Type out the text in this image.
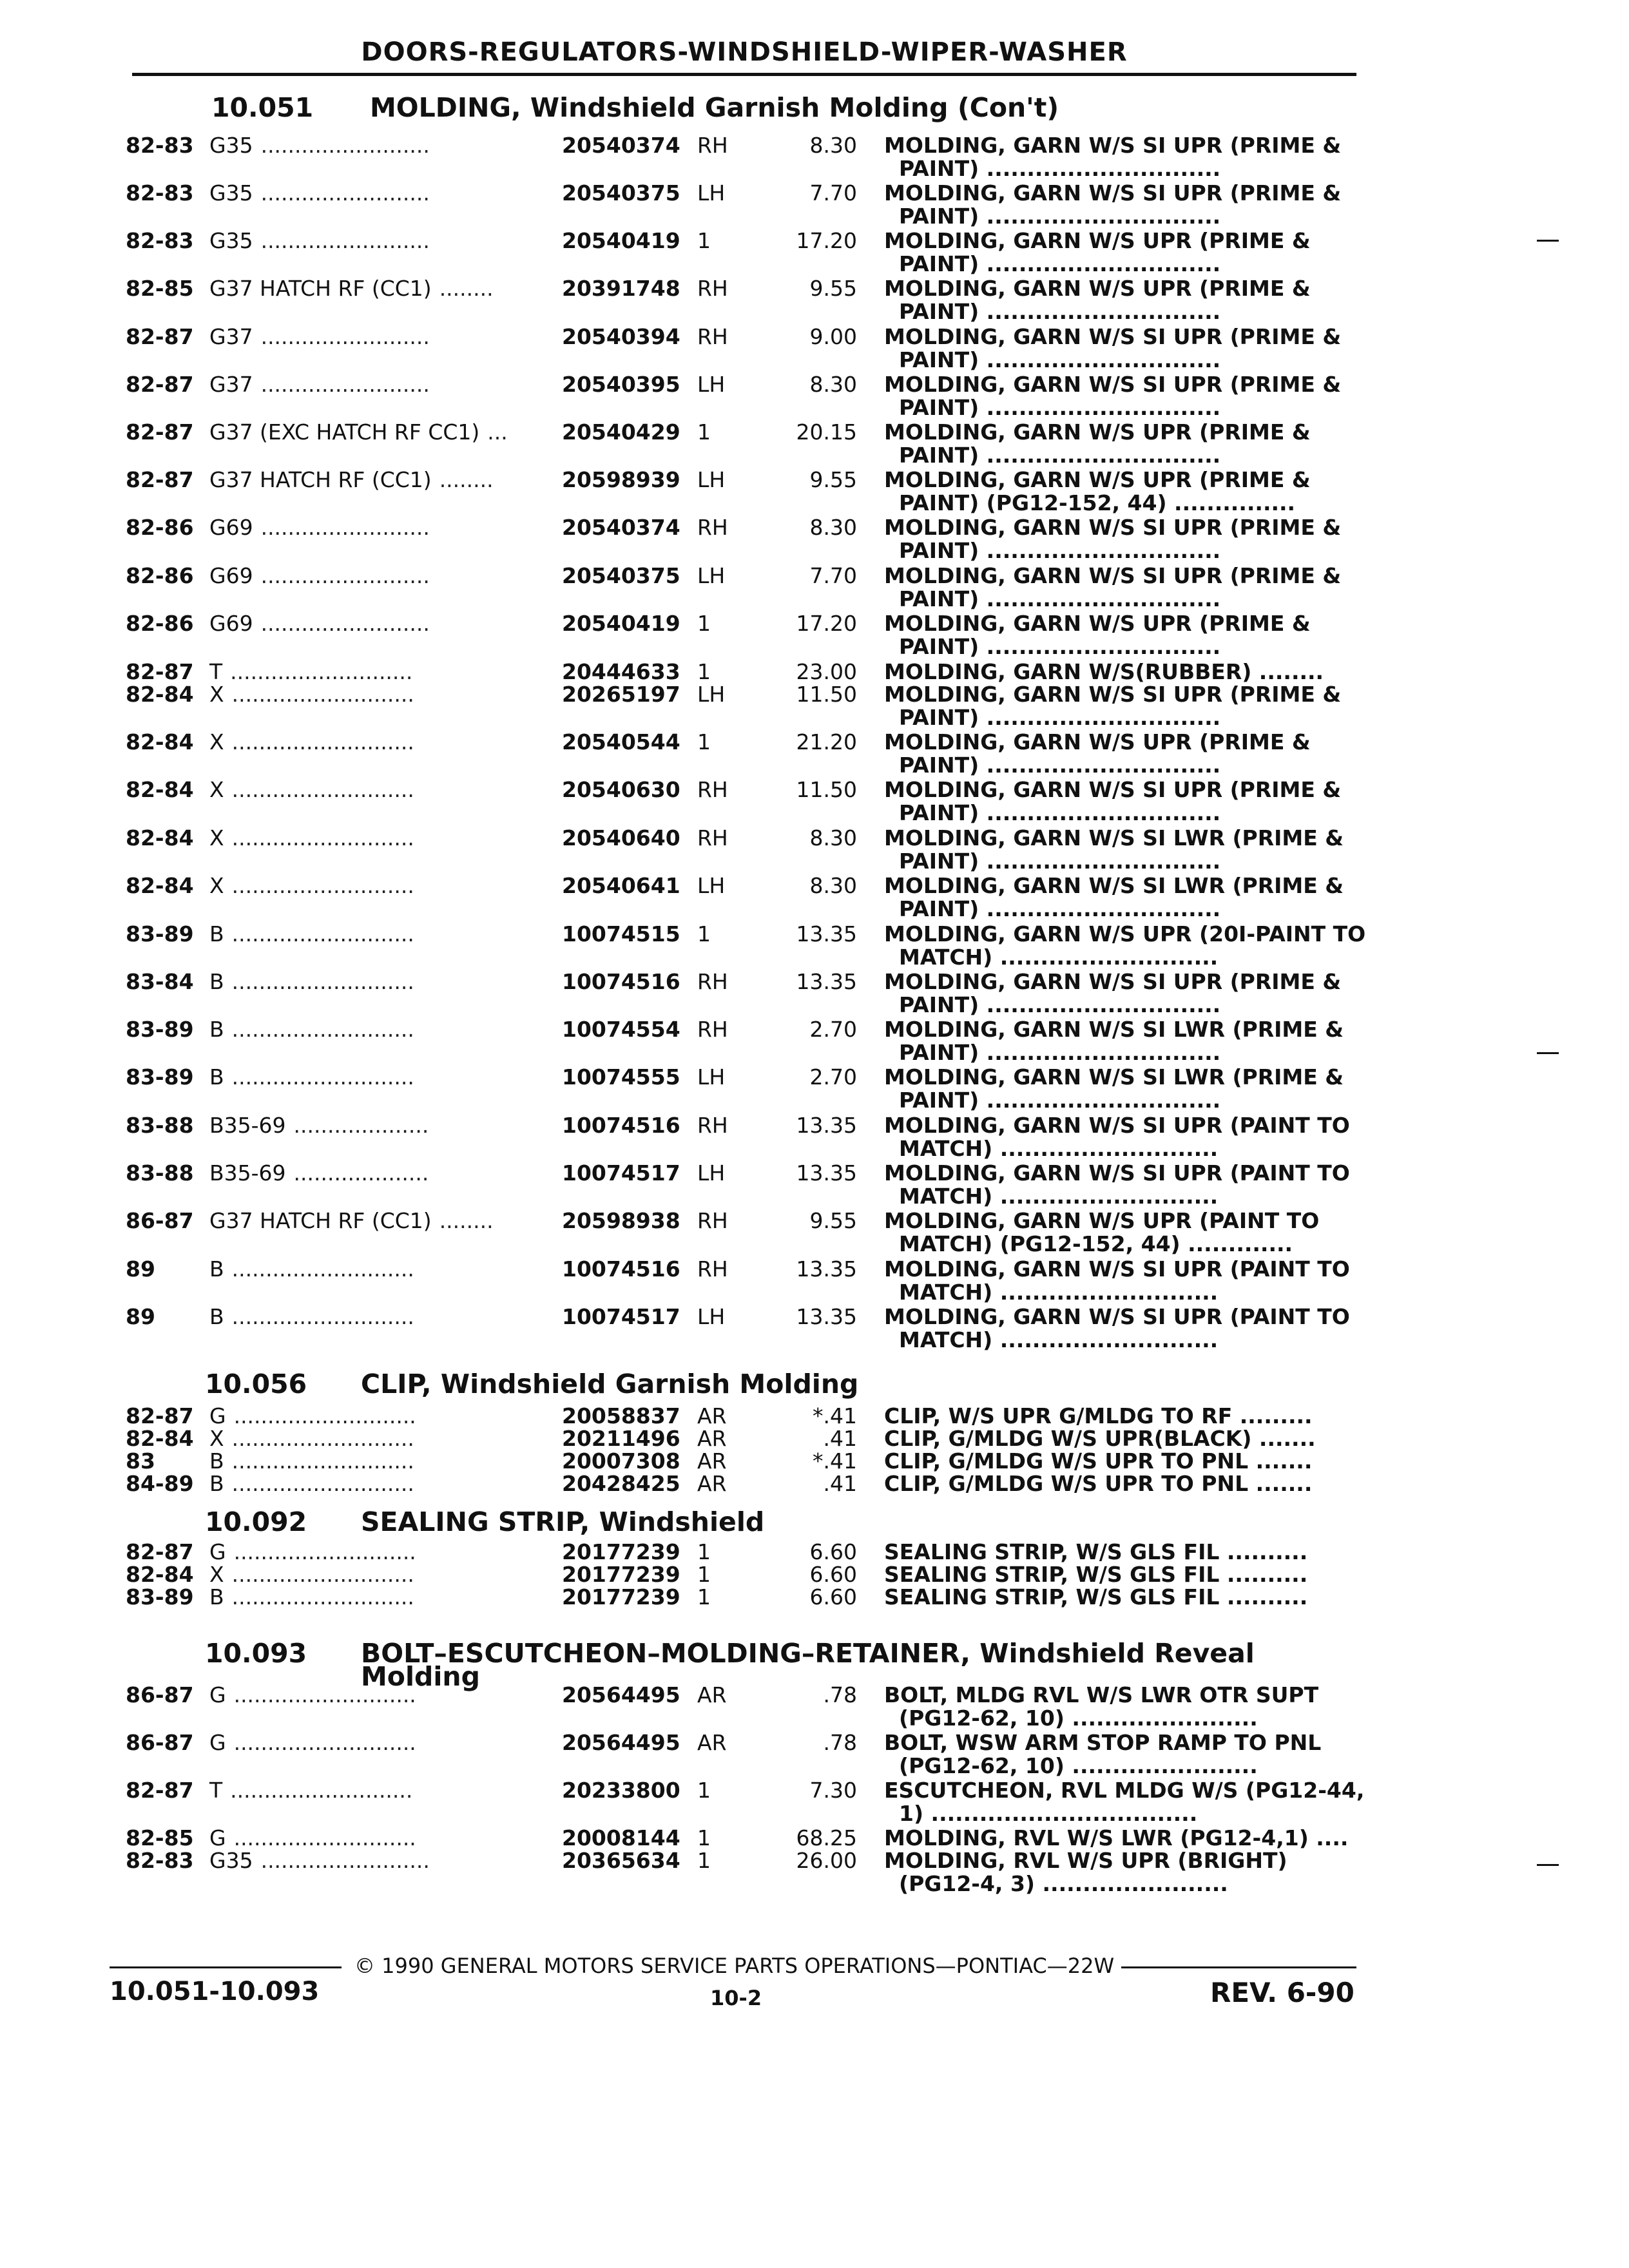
DOORS-REGULATORS-WINDSHIELD-WIPER-WASHER
10.051 MOLDING, Windshield Garnish Molding (Con't)
10.056 CLIP, Windshield Garnish Molding
10.092 SEALING STRIP, Windshield
10.093 BOLT–ESCUTCHEON–MOLDING–RETAINER, Windshield Reveal
Molding
82-83 G35 .........................	20540374 RH	8.30 MOLDING, GARN W/S SI UPR (PRIME &
PAINT) .............................
82-83 G35 .........................	20540375 LH	7.70 MOLDING, GARN W/S SI UPR (PRIME &
PAINT) .............................
82-83 G35 .........................	20540419 1	17.20 MOLDING, GARN W/S UPR (PRIME &
PAINT) .............................
82-85 G37 HATCH RF (CC1) ........	20391748 RH	9.55 MOLDING, GARN W/S UPR (PRIME &
PAINT) .............................
82-87 G37 .........................	20540394 RH	9.00 MOLDING, GARN W/S SI UPR (PRIME &
PAINT) .............................
82-87 G37 .........................	20540395 LH	8.30 MOLDING, GARN W/S SI UPR (PRIME &
PAINT) .............................
82-87 G37 (EXC HATCH RF CC1) ...	20540429 1	20.15 MOLDING, GARN W/S UPR (PRIME &
PAINT) .............................
82-87 G37 HATCH RF (CC1) ........	20598939 LH	9.55 MOLDING, GARN W/S UPR (PRIME &
PAINT) (PG12-152, 44) ...............
82-86 G69 .........................	20540374 RH	8.30 MOLDING, GARN W/S SI UPR (PRIME &
PAINT) .............................
82-86 G69 .........................	20540375 LH	7.70 MOLDING, GARN W/S SI UPR (PRIME &
PAINT) .............................
82-86 G69 .........................	20540419 1	17.20 MOLDING, GARN W/S UPR (PRIME &
PAINT) .............................
82-87 T ...........................	20444633 1	23.00 MOLDING, GARN W/S(RUBBER) ........
82-84 X ...........................	20265197 LH	11.50 MOLDING, GARN W/S SI UPR (PRIME &
PAINT) .............................
82-84 X ...........................	20540544 1	21.20 MOLDING, GARN W/S UPR (PRIME &
PAINT) .............................
82-84 X ...........................	20540630 RH	11.50 MOLDING, GARN W/S SI UPR (PRIME &
PAINT) .............................
82-84 X ...........................	20540640 RH	8.30 MOLDING, GARN W/S SI LWR (PRIME &
PAINT) .............................
82-84 X ...........................	20540641 LH	8.30 MOLDING, GARN W/S SI LWR (PRIME &
PAINT) .............................
83-89 B ...........................	10074515 1	13.35 MOLDING, GARN W/S UPR (20I-PAINT TO
MATCH) ...........................
83-84 B ...........................	10074516 RH	13.35 MOLDING, GARN W/S SI UPR (PRIME &
PAINT) .............................
83-89 B ...........................	10074554 RH	2.70 MOLDING, GARN W/S SI LWR (PRIME &
PAINT) .............................
83-89 B ...........................	10074555 LH	2.70 MOLDING, GARN W/S SI LWR (PRIME &
PAINT) .............................
83-88 B35-69 ....................	10074516 RH	13.35 MOLDING, GARN W/S SI UPR (PAINT TO
MATCH) ...........................
83-88 B35-69 ....................	10074517 LH	13.35 MOLDING, GARN W/S SI UPR (PAINT TO
MATCH) ...........................
86-87 G37 HATCH RF (CC1) ........	20598938 RH	9.55 MOLDING, GARN W/S UPR (PAINT TO
MATCH) (PG12-152, 44) .............
89	B ...........................	10074516 RH	13.35 MOLDING, GARN W/S SI UPR (PAINT TO
MATCH) ...........................
89	B ...........................	10074517 LH	13.35 MOLDING, GARN W/S SI UPR (PAINT TO
MATCH) ...........................
82-87 G ...........................	20058837 AR	*.41 CLIP, W/S UPR G/MLDG TO RF .........
82-84 X ...........................	20211496 AR	.41 CLIP, G/MLDG W/S UPR(BLACK) .......
83	B ...........................	20007308 AR	*.41 CLIP, G/MLDG W/S UPR TO PNL .......
84-89 B ...........................	20428425 AR	.41 CLIP, G/MLDG W/S UPR TO PNL .......
82-87 G ...........................	20177239 1	6.60 SEALING STRIP, W/S GLS FIL ..........
82-84 X ...........................	20177239 1	6.60 SEALING STRIP, W/S GLS FIL ..........
83-89 B ...........................	20177239 1	6.60 SEALING STRIP, W/S GLS FIL ..........
86-87 G ...........................	20564495 AR	.78 BOLT, MLDG RVL W/S LWR OTR SUPT
(PG12-62, 10) .......................
86-87 G ...........................	20564495 AR	.78 BOLT, WSW ARM STOP RAMP TO PNL
(PG12-62, 10) .......................
82-87 T ...........................	20233800 1	7.30 ESCUTCHEON, RVL MLDG W/S (PG12-44,
1) .................................
82-85 G ...........................	20008144 1	68.25 MOLDING, RVL W/S LWR (PG12-4,1) ....
82-83 G35 .........................	20365634 1	26.00 MOLDING, RVL W/S UPR (BRIGHT)
(PG12-4, 3) .......................
© 1990 GENERAL MOTORS SERVICE PARTS OPERATIONS—PONTIAC—22W
10.051-10.093	10-2	REV. 6-90
